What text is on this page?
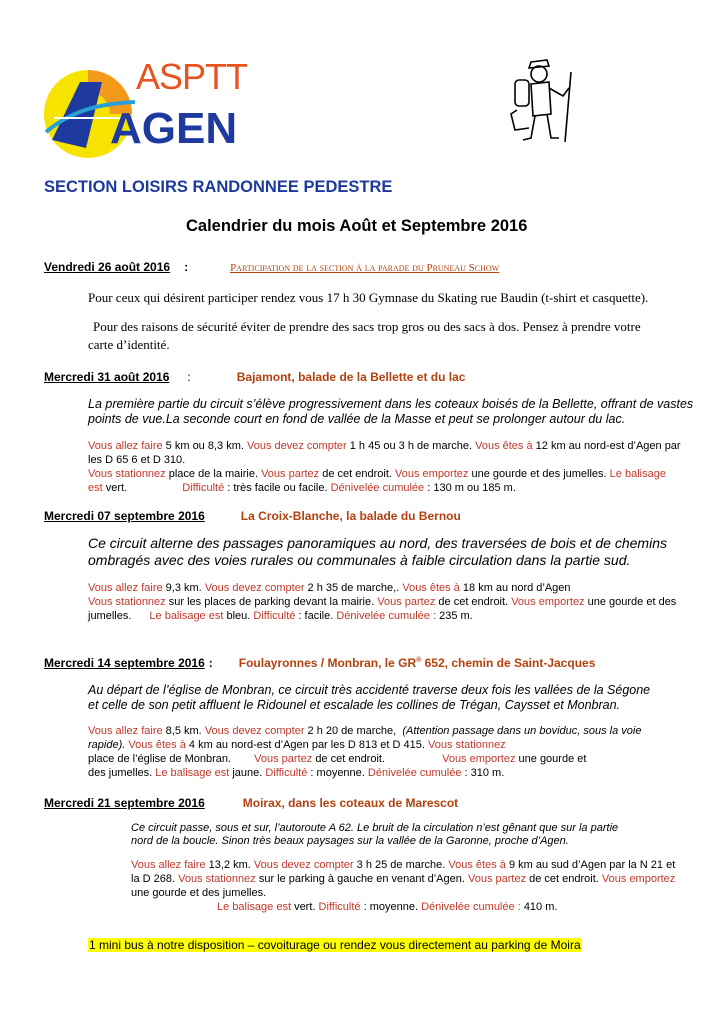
ASPTT
AGEN
SECTION LOISIRS RANDONNEE PEDESTRE
Calendrier du mois Août et Septembre 2016
Vendredi 26 août 2016 :	Participation de la section à la parade du Pruneau Schow
Pour ceux qui désirent participer rendez vous 17 h 30 Gymnase du Skating rue Baudin (t-shirt et casquette).
Pour des raisons de sécurité éviter de prendre des sacs trop gros ou des sacs à dos. Pensez à prendre votre
carte d’identité.
Mercredi 31 août 2016 :	Bajamont, balade de la Bellette et du lac
La première partie du circuit s’élève progressivement dans les coteaux boisés de la Bellette, offrant de vastes
points de vue.La seconde court en fond de vallée de la Masse et peut se prolonger autour du lac.
Vous allez faire 5 km ou 8,3 km. Vous devez compter 1 h 45 ou 3 h de marche. Vous êtes à 12 km au nord-est d’Agen par
les D 65 6 et D 310.
Vous stationnez place de la mairie. Vous partez de cet endroit. Vous emportez une gourde et des jumelles. Le balisage
est vert.	Difficulté : très facile ou facile. Dénivelée cumulée : 130 m ou 185 m.
Mercredi 07 septembre 2016	La Croix-Blanche, la balade du Bernou
Ce circuit alterne des passages panoramiques au nord, des traversées de bois et de chemins
ombragés avec des voies rurales ou communales à faible circulation dans la partie sud.
Vous allez faire 9,3 km. Vous devez compter 2 h 35 de marche,. Vous êtes à 18 km au nord d’Agen
Vous stationnez sur les places de parking devant la mairie. Vous partez de cet endroit. Vous emportez une gourde et des
jumelles. Le balisage est bleu. Difficulté : facile. Dénivelée cumulée : 235 m.
Mercredi 14 septembre 2016 : Foulayronnes / Monbran, le GR® 652, chemin de Saint-Jacques
Au départ de l’église de Monbran, ce circuit très accidenté traverse deux fois les vallées de la Ségone
et celle de son petit affluent le Ridounel et escalade les collines de Trégan, Caysset et Monbran.
Vous allez faire 8,5 km. Vous devez compter 2 h 20 de marche, (Attention passage dans un boviduc, sous la voie
rapide). Vous êtes à 4 km au nord-est d’Agen par les D 813 et D 415. Vous stationnez
place de l’église de Monbran. Vous partez de cet endroit.	Vous emportez une gourde et
des jumelles. Le balisage est jaune. Difficulté : moyenne. Dénivelée cumulée : 310 m.
Mercredi 21 septembre 2016	Moirax, dans les coteaux de Marescot
Ce circuit passe, sous et sur, l’autoroute A 62. Le bruit de la circulation n’est gênant que sur la partie
nord de la boucle. Sinon très beaux paysages sur la vallée de la Garonne, proche d’Agen.
Vous allez faire 13,2 km. Vous devez compter 3 h 25 de marche. Vous êtes à 9 km au sud d’Agen par la N 21 et
la D 268. Vous stationnez sur le parking à gauche en venant d’Agen. Vous partez de cet endroit. Vous emportez
une gourde et des jumelles.
Le balisage est vert. Difficulté : moyenne. Dénivelée cumulée : 410 m.
1 mini bus à notre disposition – covoiturage ou rendez vous directement au parking de Moira
